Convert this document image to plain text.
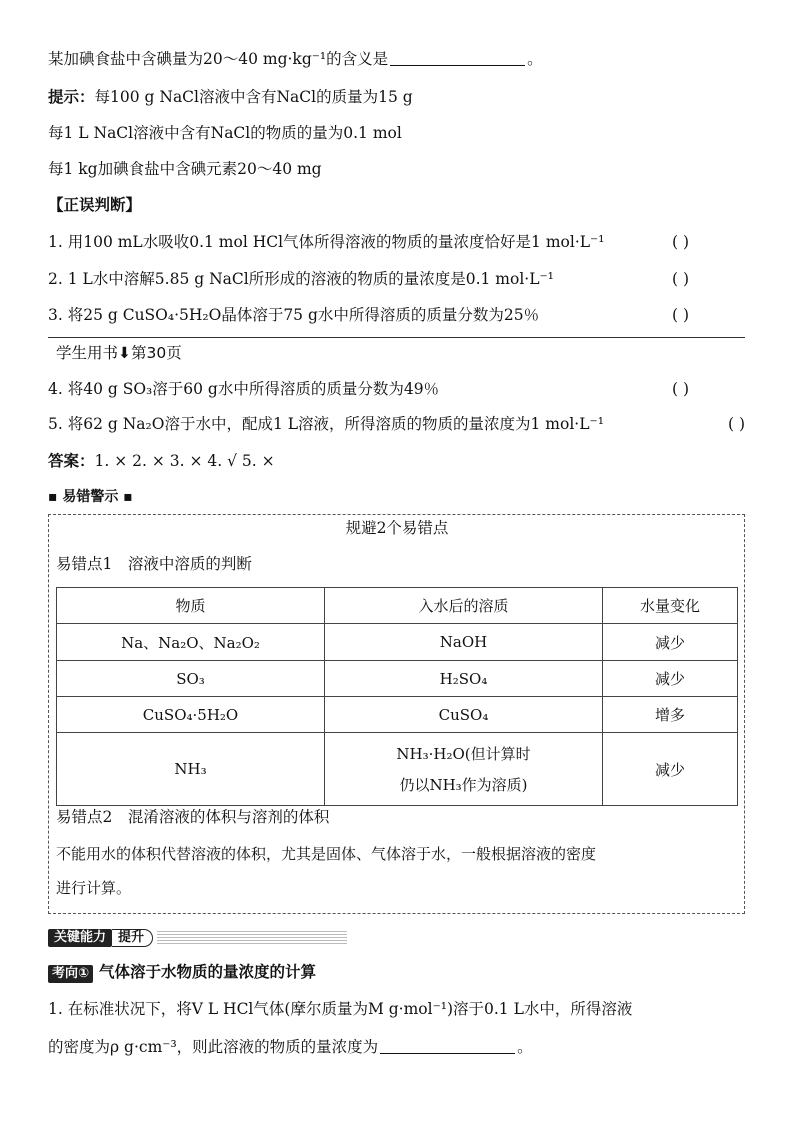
某加碘食盐中含碘量为20～40 mg·kg⁻¹的含义是	。
提示：每100 g NaCl溶液中含有NaCl的质量为15 g
每1 L NaCl溶液中含有NaCl的物质的量为0.1 mol
每1 kg加碘食盐中含碘元素20～40 mg
【正误判断】
1. 用100 mL水吸收0.1 mol HCl气体所得溶液的物质的量浓度恰好是1 mol·L⁻¹	( )
2. 1 L水中溶解5.85 g NaCl所形成的溶液的物质的量浓度是0.1 mol·L⁻¹	( )
3. 将25 g CuSO₄·5H₂O晶体溶于75 g水中所得溶质的质量分数为25％	( )
学生用书⬇第30页
4. 将40 g SO₃溶于60 g水中所得溶质的质量分数为49％	( )
5. 将62 g Na₂O溶于水中，配成1 L溶液，所得溶质的物质的量浓度为1 mol·L⁻¹	( )
答案：1. × 2. × 3. × 4. √ 5. ×
▪ 易错警示 ▪
规避2个易错点
易错点1　溶液中溶质的判断
物质	入水后的溶质	水量变化
Na、Na₂O、Na₂O₂	NaOH	减少
SO₃	H₂SO₄	减少
CuSO₄·5H₂O	CuSO₄	增多
NH₃	NH₃·H₂O(但计算时
仍以NH₃作为溶质)	减少
易错点2　混淆溶液的体积与溶剂的体积
不能用水的体积代替溶液的体积，尤其是固体、气体溶于水，一般根据溶液的密度
进行计算。
关键能力 提升
考向① 气体溶于水物质的量浓度的计算
1. 在标准状况下，将V L HCl气体(摩尔质量为M g·mol⁻¹)溶于0.1 L水中，所得溶液
的密度为ρ g·cm⁻³，则此溶液的物质的量浓度为	。
